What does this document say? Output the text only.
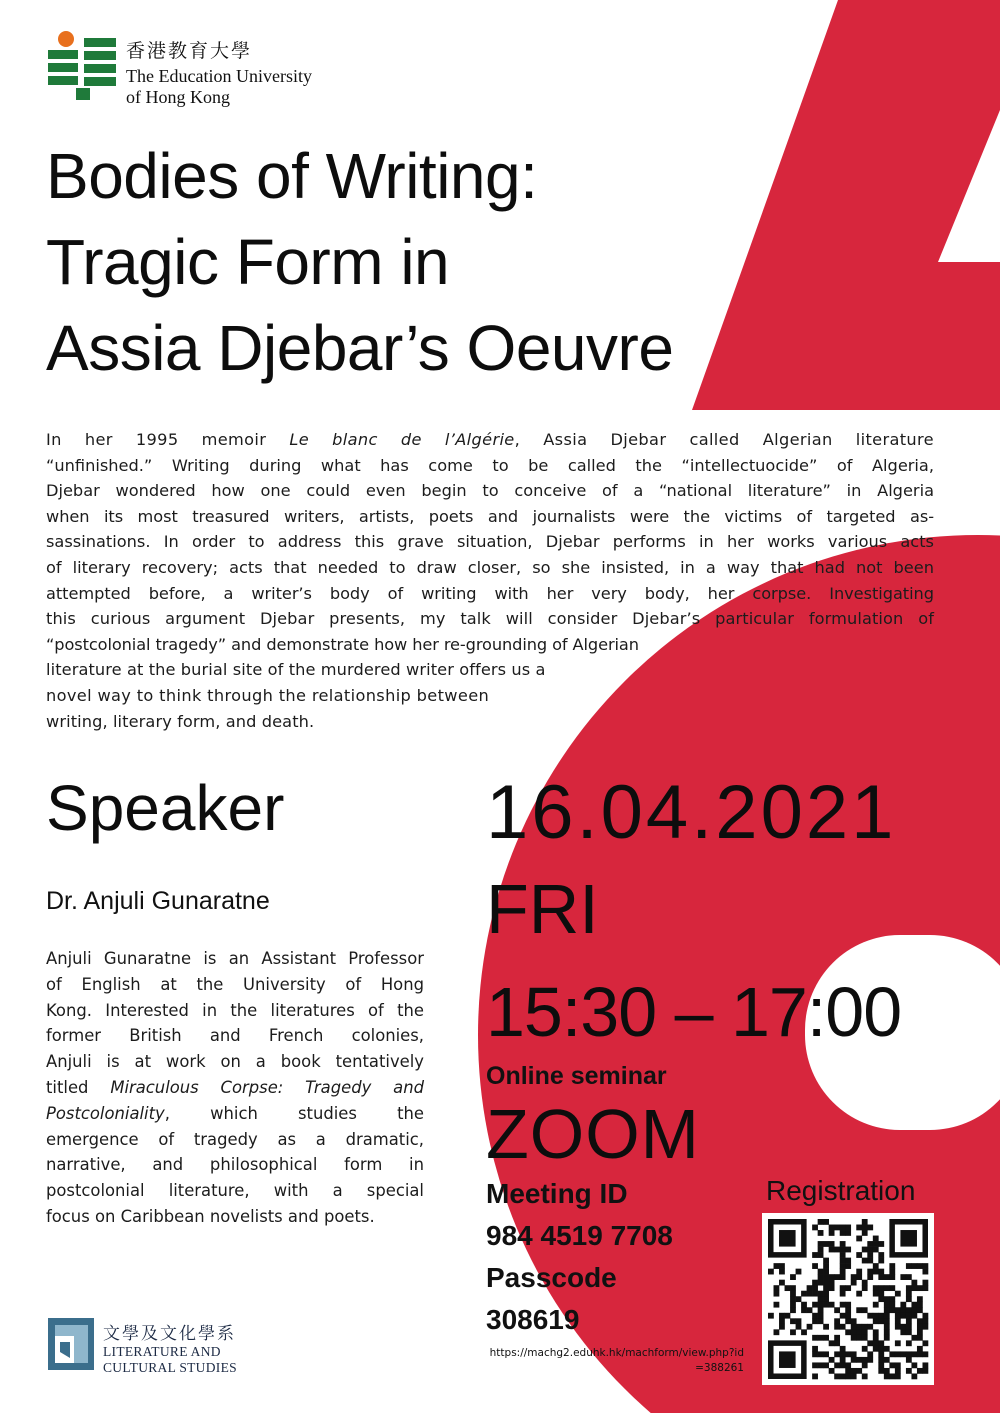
香港教育大學
The Education University
of Hong Kong
Bodies of Writing:
Tragic Form in
Assia Djebar’s Oeuvre

In her 1995 memoir Le blanc de l’Algérie, Assia Djebar called Algerian literature
“unfinished.” Writing during what has come to be called the “intellectuocide” of Algeria,
Djebar wondered how one could even begin to conceive of a “national literature” in Algeria
when its most treasured writers, artists, poets and journalists were the victims of targeted as-
sassinations. In order to address this grave situation, Djebar performs in her works various acts
of literary recovery; acts that needed to draw closer, so she insisted, in a way that had not been
attempted before, a writer’s body of writing with her very body, her corpse. Investigating
this curious argument Djebar presents, my talk will consider Djebar’s particular formulation of
“postcolonial tragedy” and demonstrate how her re-grounding of Algerian
literature at the burial site of the murdered writer offers us a
novel way to think through the relationship between
writing, literary form, and death.

Speaker
Dr. Anjuli Gunaratne

Anjuli Gunaratne is an Assistant Professor
of English at the University of Hong
Kong. Interested in the literatures of the
former British and French colonies,
Anjuli is at work on a book tentatively
titled Miraculous Corpse: Tragedy and
Postcoloniality, which studies the
emergence of tragedy as a dramatic,
narrative, and philosophical form in
postcolonial literature, with a special
focus on Caribbean novelists and poets.

16.04.2021
FRI
15:30 – 17:00
Online seminar
ZOOM
Meeting ID
984 4519 7708
Passcode
308619
Registration
https://machg2.eduhk.hk/machform/view.php?id=388261
文學及文化學系
LITERATURE AND
CULTURAL STUDIES
